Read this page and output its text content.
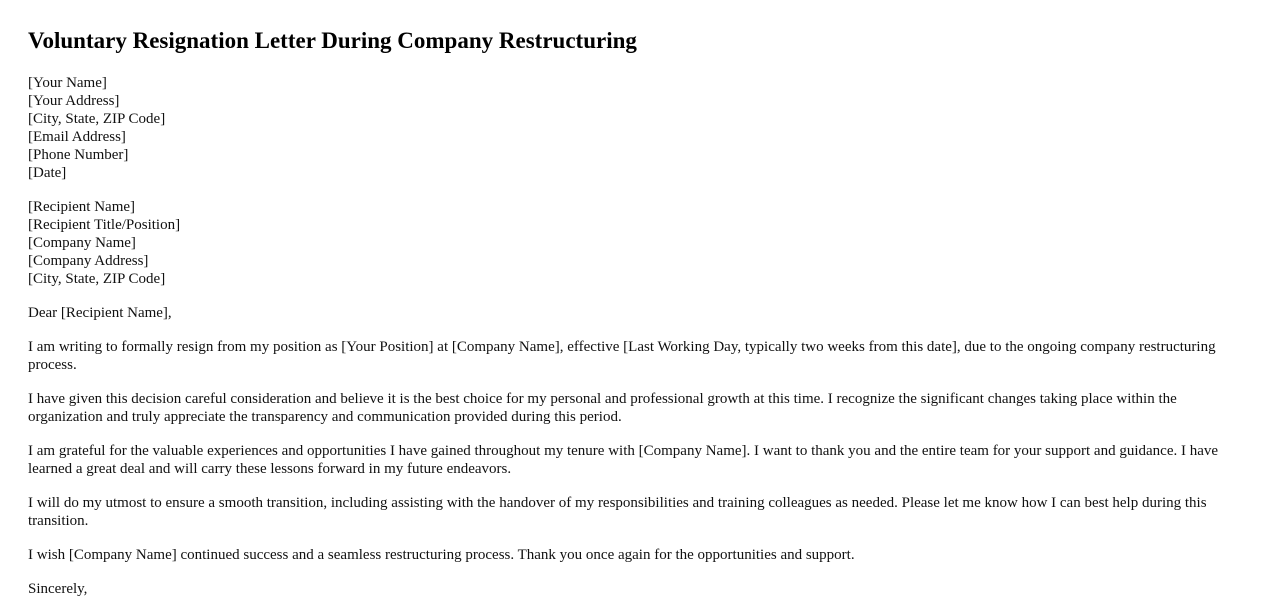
Voluntary Resignation Letter During Company Restructuring
[Your Name]
[Your Address]
[City, State, ZIP Code]
[Email Address]
[Phone Number]
[Date]
[Recipient Name]
[Recipient Title/Position]
[Company Name]
[Company Address]
[City, State, ZIP Code]

Dear [Recipient Name],

I am writing to formally resign from my position as [Your Position] at [Company Name], effective [Last Working Day, typically two weeks from this date], due to the ongoing company restructuring process.

I have given this decision careful consideration and believe it is the best choice for my personal and professional growth at this time. I recognize the significant changes taking place within the organization and truly appreciate the transparency and communication provided during this period.

I am grateful for the valuable experiences and opportunities I have gained throughout my tenure with [Company Name]. I want to thank you and the entire team for your support and guidance. I have learned a great deal and will carry these lessons forward in my future endeavors.

I will do my utmost to ensure a smooth transition, including assisting with the handover of my responsibilities and training colleagues as needed. Please let me know how I can best help during this transition.

I wish [Company Name] continued success and a seamless restructuring process. Thank you once again for the opportunities and support.

Sincerely,
